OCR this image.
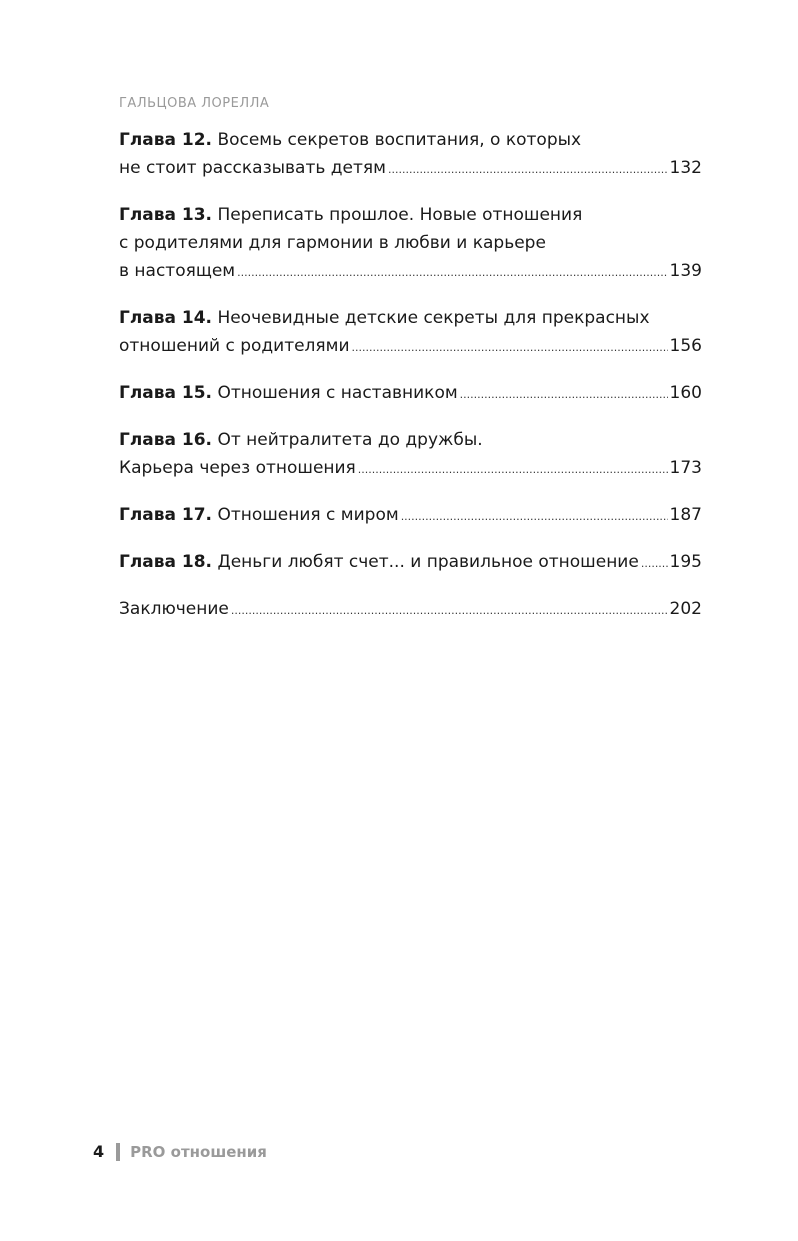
ГАЛЬЦОВА ЛОРЕЛЛА
Глава 12. Восемь секретов воспитания, о которых
не стоит рассказывать детям .....	132
Глава 13. Переписать прошлое. Новые отношения
с родителями для гармонии в любви и карьере
в настоящем .....	139
Глава 14. Неочевидные детские секреты для прекрасных
отношений с родителями .....	156
Глава 15.
Отношения с наставником .....	160
Глава 16. От нейтралитета до дружбы.
Карьера через отношения .....	173
Глава 17.
Отношения с миром .....	187
Глава 18.
Деньги любят счет... и правильное отношение ..... 195
Заключение .....	202
4 PRO отношения
